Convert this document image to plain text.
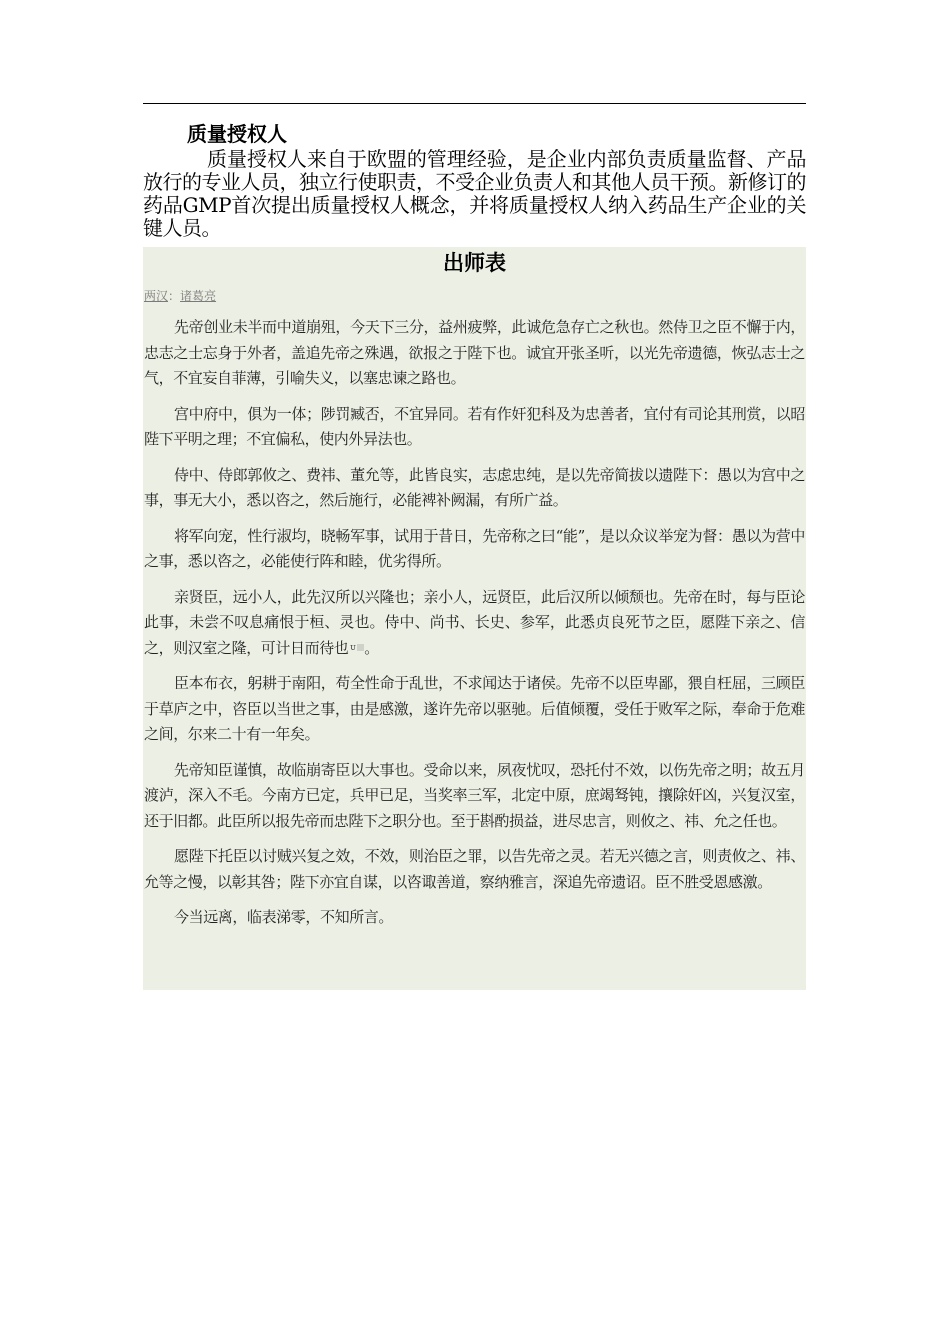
质量授权人

质量授权人来自于欧盟的管理经验，是企业内部负责质量监督、产品放行的专业人员，独立行使职责，不受企业负责人和其他人员干预。新修订的药品GMP首次提出质量授权人概念，并将质量授权人纳入药品生产企业的关键人员。

出师表
两汉：诸葛亮

先帝创业未半而中道崩殂，今天下三分，益州疲弊，此诚危急存亡之秋也。然侍卫之臣不懈于内，忠志之士忘身于外者，盖追先帝之殊遇，欲报之于陛下也。诚宜开张圣听，以光先帝遗德，恢弘志士之气，不宜妄自菲薄，引喻失义，以塞忠谏之路也。

宫中府中，俱为一体；陟罚臧否，不宜异同。若有作奸犯科及为忠善者，宜付有司论其刑赏，以昭陛下平明之理；不宜偏私，使内外异法也。

侍中、侍郎郭攸之、费祎、董允等，此皆良实，志虑忠纯，是以先帝简拔以遗陛下：愚以为宫中之事，事无大小，悉以咨之，然后施行，必能裨补阙漏，有所广益。

将军向宠，性行淑均，晓畅军事，试用于昔日，先帝称之曰“能”，是以众议举宠为督：愚以为营中之事，悉以咨之，必能使行阵和睦，优劣得所。

亲贤臣，远小人，此先汉所以兴隆也；亲小人，远贤臣，此后汉所以倾颓也。先帝在时，每与臣论此事，未尝不叹息痛恨于桓、灵也。侍中、尚书、长史、参军，此悉贞良死节之臣，愿陛下亲之、信之，则汉室之隆，可计日而待也 ᴜ 。

臣本布衣，躬耕于南阳，苟全性命于乱世，不求闻达于诸侯。先帝不以臣卑鄙，猥自枉屈，三顾臣于草庐之中，咨臣以当世之事，由是感激，遂许先帝以驱驰。后值倾覆，受任于败军之际，奉命于危难之间，尔来二十有一年矣。

先帝知臣谨慎，故临崩寄臣以大事也。受命以来，夙夜忧叹，恐托付不效，以伤先帝之明；故五月渡泸，深入不毛。今南方已定，兵甲已足，当奖率三军，北定中原，庶竭驽钝，攘除奸凶，兴复汉室，还于旧都。此臣所以报先帝而忠陛下之职分也。至于斟酌损益，进尽忠言，则攸之、祎、允之任也。

愿陛下托臣以讨贼兴复之效，不效，则治臣之罪，以告先帝之灵。若无兴德之言，则责攸之、祎、允等之慢，以彰其咎；陛下亦宜自谋，以咨诹善道，察纳雅言，深追先帝遗诏。臣不胜受恩感激。

今当远离，临表涕零，不知所言。
